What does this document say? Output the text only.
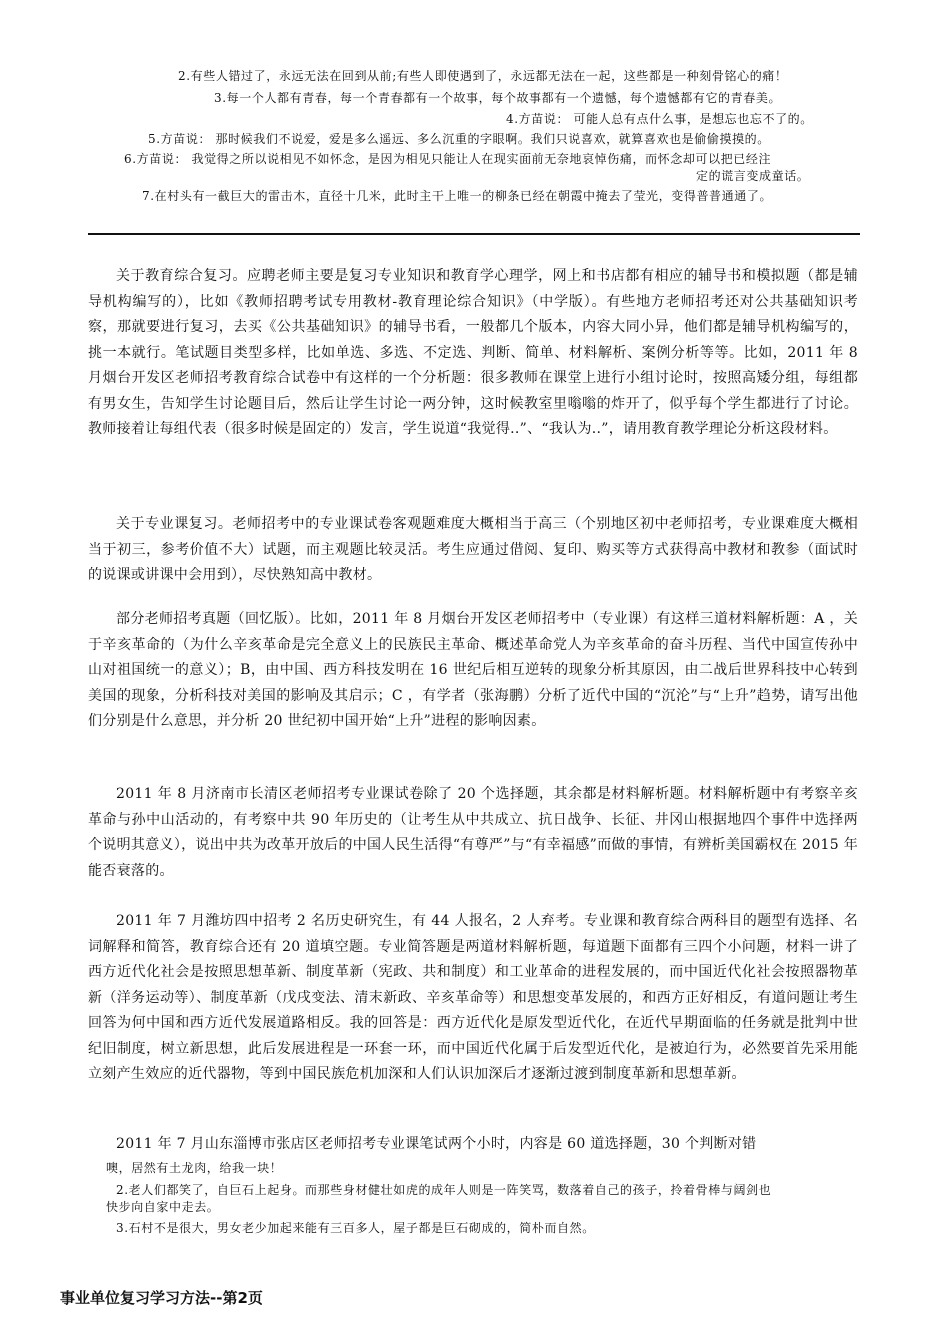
2.有些人错过了，永远无法在回到从前;有些人即使遇到了，永远都无法在一起，这些都是一种刻骨铭心的痛！
3.每一个人都有青春，每一个青春都有一个故事，每个故事都有一个遗憾，每个遗憾都有它的青春美。
4.方苗说： 可能人总有点什么事，是想忘也忘不了的。
5.方苗说： 那时候我们不说爱，爱是多么遥远、多么沉重的字眼啊。我们只说喜欢，就算喜欢也是偷偷摸摸的。
6.方苗说： 我觉得之所以说相见不如怀念，是因为相见只能让人在现实面前无奈地哀悼伤痛，而怀念却可以把已经注
定的谎言变成童话。
7.在村头有一截巨大的雷击木，直径十几米，此时主干上唯一的柳条已经在朝霞中掩去了莹光，变得普普通通了。

关于教育综合复习。应聘老师主要是复习专业知识和教育学心理学，网上和书店都有相应的辅导书和模拟题（都是辅导机构编写的），比如《教师招聘考试专用教材-教育理论综合知识》（中学版）。有些地方老师招考还对公共基础知识考察，那就要进行复习，去买《公共基础知识》的辅导书看，一般都几个版本，内容大同小异，他们都是辅导机构编写的，挑一本就行。笔试题目类型多样，比如单选、多选、不定选、判断、简单、材料解析、案例分析等等。比如，2011 年 8 月烟台开发区老师招考教育综合试卷中有这样的一个分析题：很多教师在课堂上进行小组讨论时，按照高矮分组，每组都有男女生，告知学生讨论题目后，然后让学生讨论一两分钟，这时候教室里嗡嗡的炸开了，似乎每个学生都进行了讨论。教师接着让每组代表（很多时候是固定的）发言，学生说道“我觉得..”、“我认为..”，请用教育教学理论分析这段材料。

关于专业课复习。老师招考中的专业课试卷客观题难度大概相当于高三（个别地区初中老师招考，专业课难度大概相当于初三，参考价值不大）试题，而主观题比较灵活。考生应通过借阅、复印、购买等方式获得高中教材和教参（面试时的说课或讲课中会用到），尽快熟知高中教材。

部分老师招考真题（回忆版）。比如，2011 年 8 月烟台开发区老师招考中（专业课）有这样三道材料解析题：A ，关于辛亥革命的（为什么辛亥革命是完全意义上的民族民主革命、概述革命党人为辛亥革命的奋斗历程、当代中国宣传孙中山对祖国统一的意义）；B，由中国、西方科技发明在 16 世纪后相互逆转的现象分析其原因，由二战后世界科技中心转到美国的现象，分析科技对美国的影响及其启示；C ，有学者（张海鹏）分析了近代中国的“沉沦”与“上升”趋势，请写出他们分别是什么意思，并分析 20 世纪初中国开始“上升”进程的影响因素。

2011 年 8 月济南市长清区老师招考专业课试卷除了 20 个选择题，其余都是材料解析题。材料解析题中有考察辛亥革命与孙中山活动的，有考察中共 90 年历史的（让考生从中共成立、抗日战争、长征、井冈山根据地四个事件中选择两个说明其意义），说出中共为改革开放后的中国人民生活得“有尊严”与“有幸福感”而做的事情，有辨析美国霸权在 2015 年能否衰落的。

2011 年 7 月潍坊四中招考 2 名历史研究生，有 44 人报名，2 人弃考。专业课和教育综合两科目的题型有选择、名词解释和简答，教育综合还有 20 道填空题。专业简答题是两道材料解析题，每道题下面都有三四个小问题，材料一讲了西方近代化社会是按照思想革新、制度革新（宪政、共和制度）和工业革命的进程发展的，而中国近代化社会按照器物革新（洋务运动等）、制度革新（戊戌变法、清末新政、辛亥革命等）和思想变革发展的，和西方正好相反，有道问题让考生回答为何中国和西方近代发展道路相反。我的回答是：西方近代化是原发型近代化，在近代早期面临的任务就是批判中世纪旧制度，树立新思想，此后发展进程是一环套一环，而中国近代化属于后发型近代化，是被迫行为，必然要首先采用能立刻产生效应的近代器物，等到中国民族危机加深和人们认识加深后才逐渐过渡到制度革新和思想革新。

2011 年 7 月山东淄博市张店区老师招考专业课笔试两个小时，内容是 60 道选择题，30 个判断对错

噢，居然有土龙肉，给我一块！
2.老人们都笑了，自巨石上起身。而那些身材健壮如虎的成年人则是一阵笑骂，数落着自己的孩子，拎着骨棒与阔剑也
快步向自家中走去。
3.石村不是很大，男女老少加起来能有三百多人，屋子都是巨石砌成的，简朴而自然。
事业单位复习学习方法--第2页
